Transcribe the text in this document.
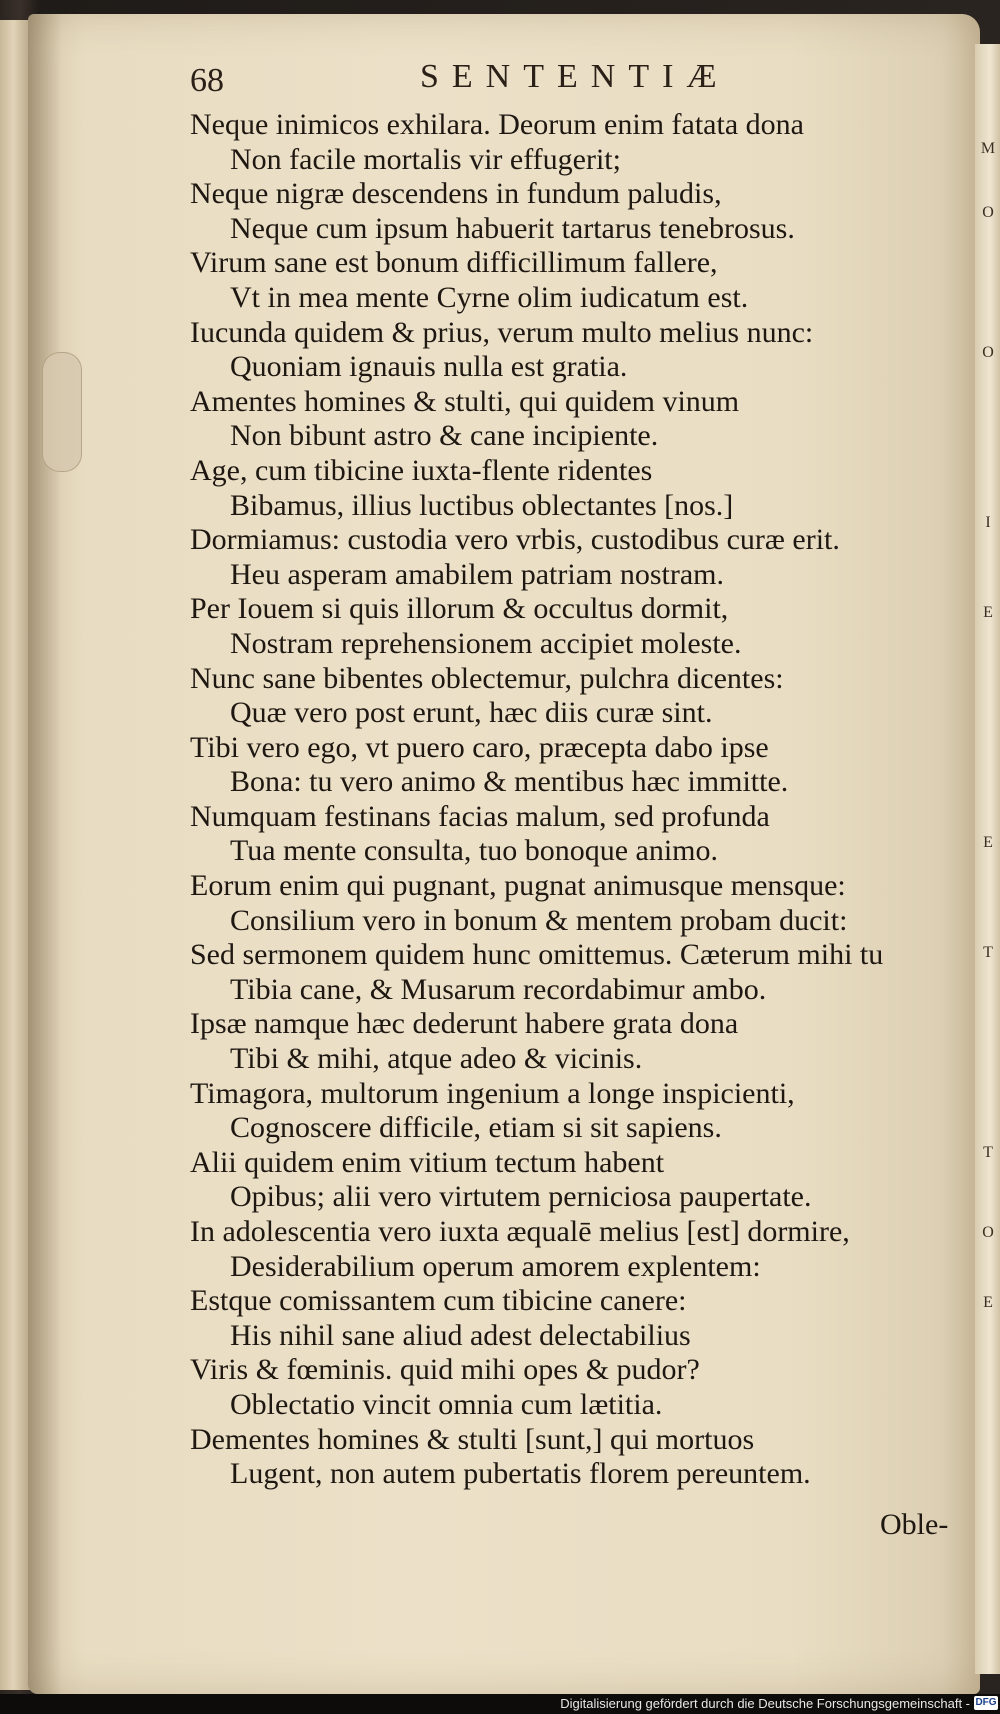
M
O
O
I
E
E
T
T
O
E
68	SENTENTIÆ
Neque inimicos exhilara. Deorum enim fatata dona
Non facile mortalis vir effugerit;
Neque nigræ descendens in fundum paludis,
Neque cum ipsum habuerit tartarus tenebrosus.
Virum sane est bonum difficillimum fallere,
Vt in mea mente Cyrne olim iudicatum est.
Iucunda quidem & prius, verum multo melius nunc:
Quoniam ignauis nulla est gratia.
Amentes homines & stulti, qui quidem vinum
Non bibunt astro & cane incipiente.
Age, cum tibicine iuxta-flente ridentes
Bibamus, illius luctibus oblectantes [nos.]
Dormiamus: custodia vero vrbis, custodibus curæ erit.
Heu asperam amabilem patriam nostram.
Per Iouem si quis illorum & occultus dormit,
Nostram reprehensionem accipiet moleste.
Nunc sane bibentes oblectemur, pulchra dicentes:
Quæ vero post erunt, hæc diis curæ sint.
Tibi vero ego, vt puero caro, præcepta dabo ipse
Bona: tu vero animo & mentibus hæc immitte.
Numquam festinans facias malum, sed profunda
Tua mente consulta, tuo bonoque animo.
Eorum enim qui pugnant, pugnat animusque mensque:
Consilium vero in bonum & mentem probam ducit:
Sed sermonem quidem hunc omittemus. Cæterum mihi tu
Tibia cane, & Musarum recordabimur ambo.
Ipsæ namque hæc dederunt habere grata dona
Tibi & mihi, atque adeo & vicinis.
Timagora, multorum ingenium a longe inspicienti,
Cognoscere difficile, etiam si sit sapiens.
Alii quidem enim vitium tectum habent
Opibus; alii vero virtutem perniciosa paupertate.
In adolescentia vero iuxta æqualē melius [est] dormire,
Desiderabilium operum amorem explentem:
Estque comissantem cum tibicine canere:
His nihil sane aliud adest delectabilius
Viris & fœminis. quid mihi opes & pudor?
Oblectatio vincit omnia cum lætitia.
Dementes homines & stulti [sunt,] qui mortuos
Lugent, non autem pubertatis florem pereuntem.
Oble-
Digitalisierung gefördert durch die Deutsche Forschungsgemeinschaft - DFG
